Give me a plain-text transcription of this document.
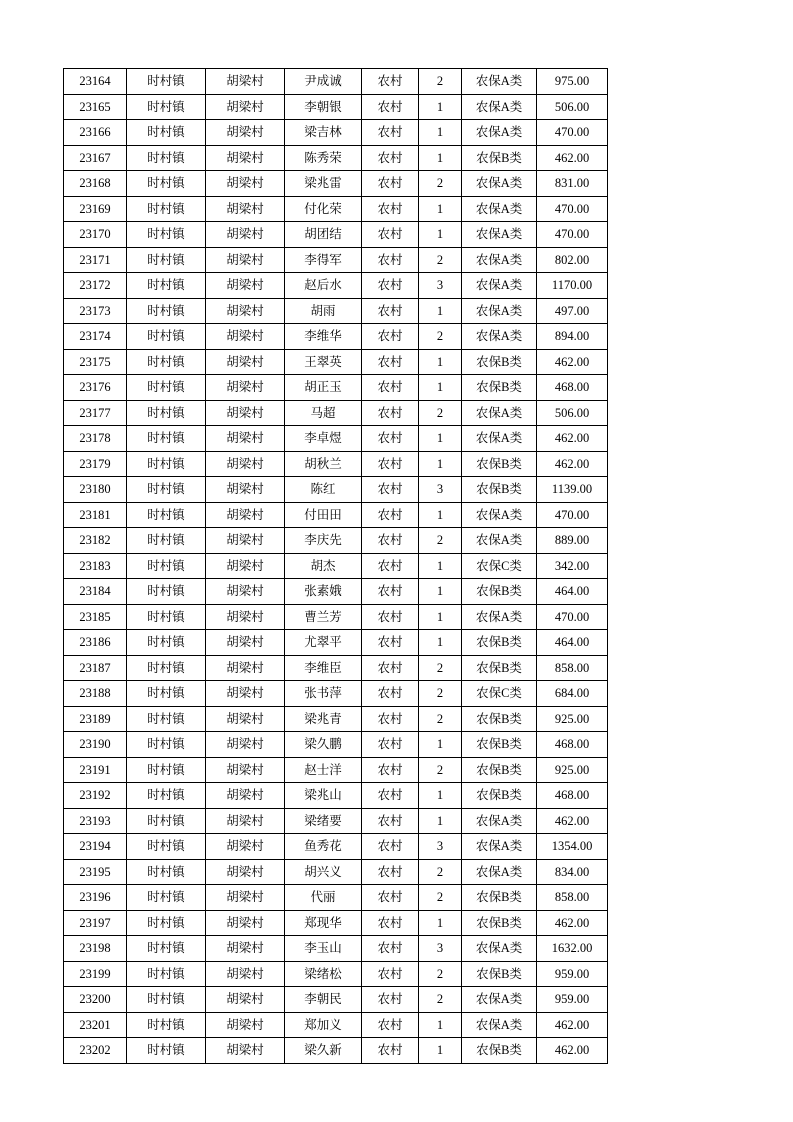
23164	时村镇	胡梁村	尹成诚	农村	2	农保A类	975.00
23165	时村镇	胡梁村	李朝银	农村	1	农保A类	506.00
23166	时村镇	胡梁村	梁吉林	农村	1	农保A类	470.00
23167	时村镇	胡梁村	陈秀荣	农村	1	农保B类	462.00
23168	时村镇	胡梁村	梁兆雷	农村	2	农保A类	831.00
23169	时村镇	胡梁村	付化荣	农村	1	农保A类	470.00
23170	时村镇	胡梁村	胡团结	农村	1	农保A类	470.00
23171	时村镇	胡梁村	李得军	农村	2	农保A类	802.00
23172	时村镇	胡梁村	赵后水	农村	3	农保A类	1170.00
23173	时村镇	胡梁村	胡雨	农村	1	农保A类	497.00
23174	时村镇	胡梁村	李维华	农村	2	农保A类	894.00
23175	时村镇	胡梁村	王翠英	农村	1	农保B类	462.00
23176	时村镇	胡梁村	胡正玉	农村	1	农保B类	468.00
23177	时村镇	胡梁村	马超	农村	2	农保A类	506.00
23178	时村镇	胡梁村	李卓煜	农村	1	农保A类	462.00
23179	时村镇	胡梁村	胡秋兰	农村	1	农保B类	462.00
23180	时村镇	胡梁村	陈红	农村	3	农保B类	1139.00
23181	时村镇	胡梁村	付田田	农村	1	农保A类	470.00
23182	时村镇	胡梁村	李庆先	农村	2	农保A类	889.00
23183	时村镇	胡梁村	胡杰	农村	1	农保C类	342.00
23184	时村镇	胡梁村	张素娥	农村	1	农保B类	464.00
23185	时村镇	胡梁村	曹兰芳	农村	1	农保A类	470.00
23186	时村镇	胡梁村	尤翠平	农村	1	农保B类	464.00
23187	时村镇	胡梁村	李维臣	农村	2	农保B类	858.00
23188	时村镇	胡梁村	张书萍	农村	2	农保C类	684.00
23189	时村镇	胡梁村	梁兆青	农村	2	农保B类	925.00
23190	时村镇	胡梁村	梁久鹏	农村	1	农保B类	468.00
23191	时村镇	胡梁村	赵士洋	农村	2	农保B类	925.00
23192	时村镇	胡梁村	梁兆山	农村	1	农保B类	468.00
23193	时村镇	胡梁村	梁绪要	农村	1	农保A类	462.00
23194	时村镇	胡梁村	鱼秀花	农村	3	农保A类	1354.00
23195	时村镇	胡梁村	胡兴义	农村	2	农保A类	834.00
23196	时村镇	胡梁村	代丽	农村	2	农保B类	858.00
23197	时村镇	胡梁村	郑现华	农村	1	农保B类	462.00
23198	时村镇	胡梁村	李玉山	农村	3	农保A类	1632.00
23199	时村镇	胡梁村	梁绪松	农村	2	农保B类	959.00
23200	时村镇	胡梁村	李朝民	农村	2	农保A类	959.00
23201	时村镇	胡梁村	郑加义	农村	1	农保A类	462.00
23202	时村镇	胡梁村	梁久新	农村	1	农保B类	462.00
